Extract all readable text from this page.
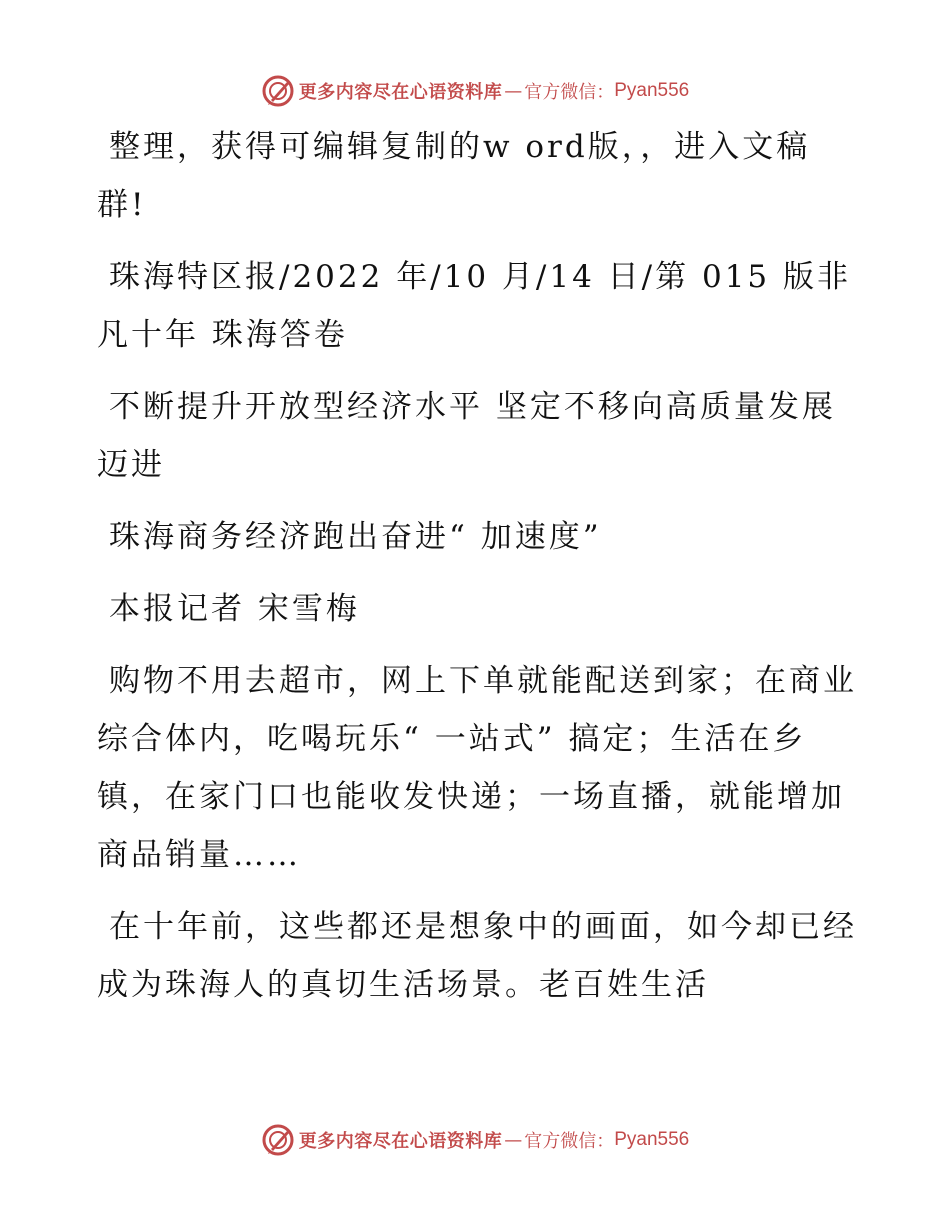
更多内容尽在心语资料库 — 官方微信： Pyan556

整理，获得可编辑复制的w ord版，，进入文稿群!

珠海特区报/2022 年/10 月/14 日/第 015 版非凡十年 珠海答卷

不断提升开放型经济水平 坚定不移向高质量发展迈进

珠海商务经济跑出奋进“ 加速度”

本报记者 宋雪梅

购物不用去超市，网上下单就能配送到家；在商业综合体内，吃喝玩乐“ 一站式” 搞定；生活在乡镇，在家门口也能收发快递；一场直播，就能增加商品销量……

在十年前，这些都还是想象中的画面，如今却已经成为珠海人的真切生活场景。老百姓生活

更多内容尽在心语资料库 — 官方微信： Pyan556
